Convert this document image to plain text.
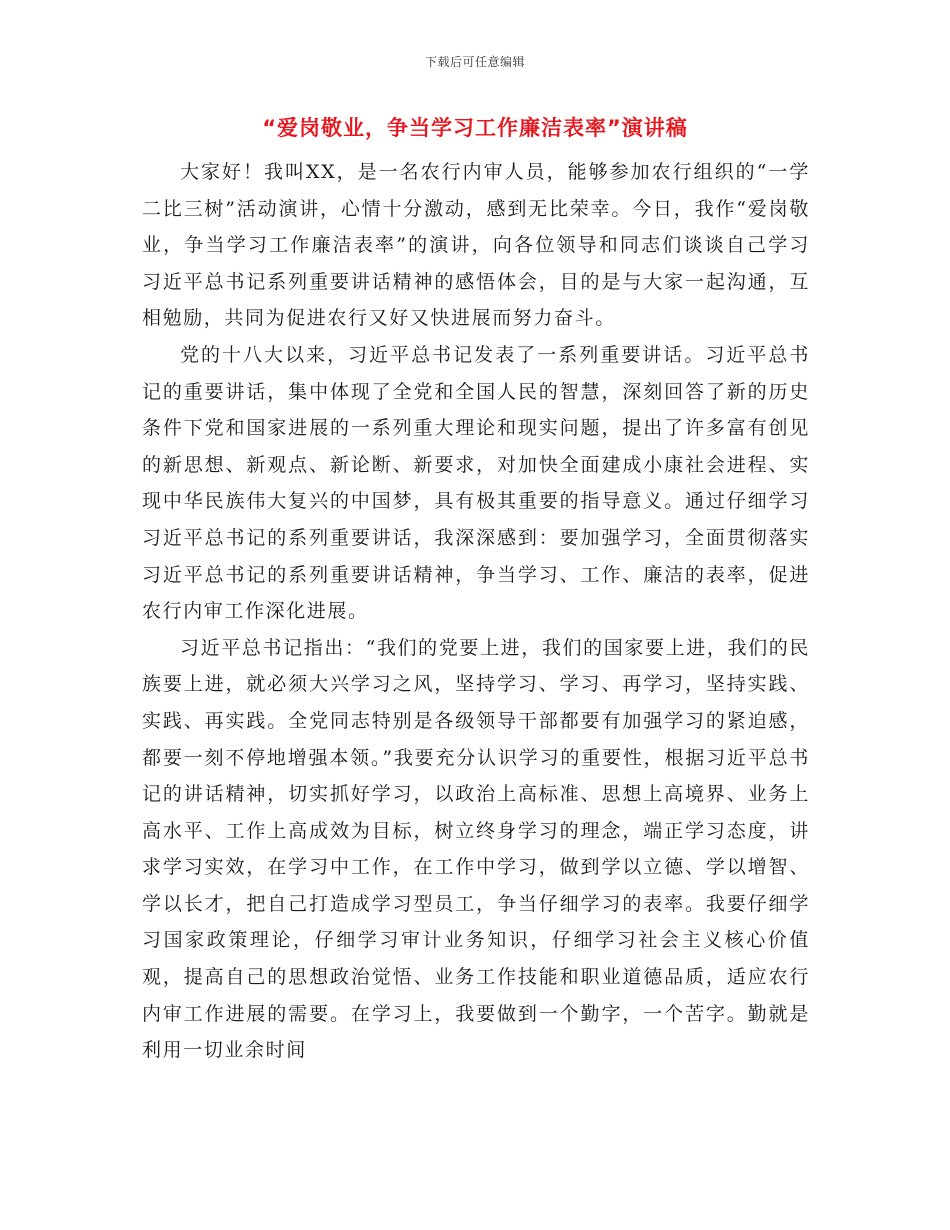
下载后可任意编辑
“爱岗敬业，争当学习工作廉洁表率”演讲稿

大家好！我叫XX，是一名农行内审人员，能够参加农行组织的“一学二比三树”活动演讲，心情十分激动，感到无比荣幸。今日，我作“爱岗敬业，争当学习工作廉洁表率”的演讲，向各位领导和同志们谈谈自己学习习近平总书记系列重要讲话精神的感悟体会，目的是与大家一起沟通，互相勉励，共同为促进农行又好又快进展而努力奋斗。

党的十八大以来，习近平总书记发表了一系列重要讲话。习近平总书记的重要讲话，集中体现了全党和全国人民的智慧，深刻回答了新的历史条件下党和国家进展的一系列重大理论和现实问题，提出了许多富有创见的新思想、新观点、新论断、新要求，对加快全面建成小康社会进程、实现中华民族伟大复兴的中国梦，具有极其重要的指导意义。通过仔细学习习近平总书记的系列重要讲话，我深深感到：要加强学习，全面贯彻落实习近平总书记的系列重要讲话精神，争当学习、工作、廉洁的表率，促进农行内审工作深化进展。

习近平总书记指出：“我们的党要上进，我们的国家要上进，我们的民族要上进，就必须大兴学习之风，坚持学习、学习、再学习，坚持实践、实践、再实践。全党同志特别是各级领导干部都要有加强学习的紧迫感，都要一刻不停地增强本领。”我要充分认识学习的重要性，根据习近平总书记的讲话精神，切实抓好学习，以政治上高标准、思想上高境界、业务上高水平、工作上高成效为目标，树立终身学习的理念，端正学习态度，讲求学习实效，在学习中工作，在工作中学习，做到学以立德、学以增智、学以长才，把自己打造成学习型员工，争当仔细学习的表率。我要仔细学习国家政策理论，仔细学习审计业务知识，仔细学习社会主义核心价值观，提高自己的思想政治觉悟、业务工作技能和职业道德品质，适应农行内审工作进展的需要。在学习上，我要做到一个勤字，一个苦字。勤就是利用一切业余时间
